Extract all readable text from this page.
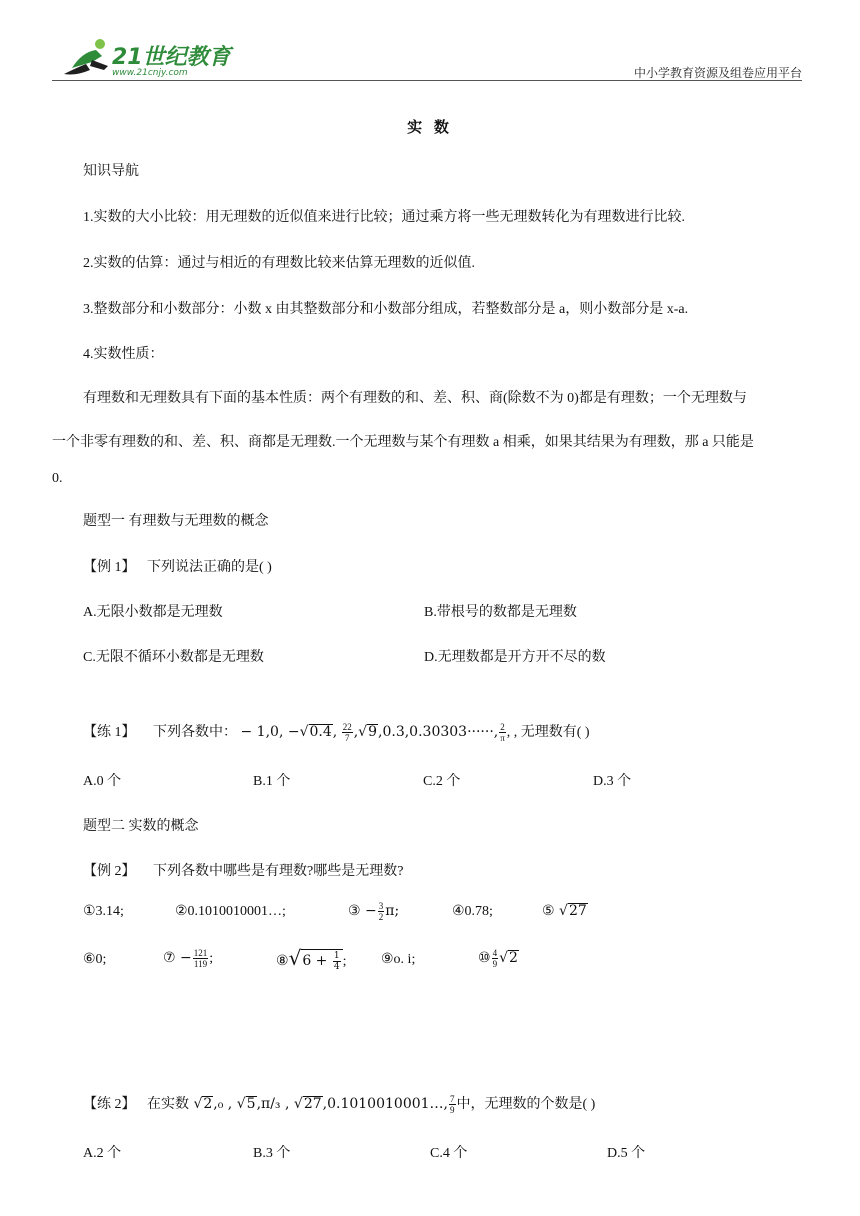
21世纪教育
www.21cnjy.com	中小学教育资源及组卷应用平台
实 数
知识导航
1.实数的大小比较：用无理数的近似值来进行比较；通过乘方将一些无理数转化为有理数进行比较.
2.实数的估算：通过与相近的有理数比较来估算无理数的近似值.
3.整数部分和小数部分：小数 x 由其整数部分和小数部分组成，若整数部分是 a，则小数部分是 x-a.
4.实数性质：
有理数和无理数具有下面的基本性质：两个有理数的和、差、积、商(除数不为 0)都是有理数；一个无理数与
一个非零有理数的和、差、积、商都是无理数.一个无理数与某个有理数 a 相乘，如果其结果为有理数，那 a 只能是
0.
题型一 有理数与无理数的概念
【例 1】 下列说法正确的是( )
A.无限小数都是无理数	B.带根号的数都是无理数
C.无限不循环小数都是无理数	D.无理数都是开方开不尽的数
【练 1】 下列各数中： − 1,0, −√0.4, $\frac{22}{7} ,√9,0.3,0.30303\cdot\cdot\cdot\cdot\cdot\cdot$, $\frac{2}{\pi}$ , , 无理数有( )
A.0 个	B.1 个	C.2 个	D.3 个
题型二 实数的概念
【例 2】 下列各数中哪些是有理数?哪些是无理数?
①3.14;	②0.1010010001…;	③ − $\frac{3}{2} \pi$;	④0.78;	⑤ √27
⑥0;	⑦ − $\frac{121}{119}$ ;	⑧√6 + $\frac{1}{4}$ ; ⑨o. i;	⑩ $\frac{4}{9} √2$
【练 2】 在实数 √2,₀ , √5,π/₃ , √27,0.1010010001…, $\frac{7}{9}$ 中，无理数的个数是( )
A.2 个	B.3 个	C.4 个	D.5 个
